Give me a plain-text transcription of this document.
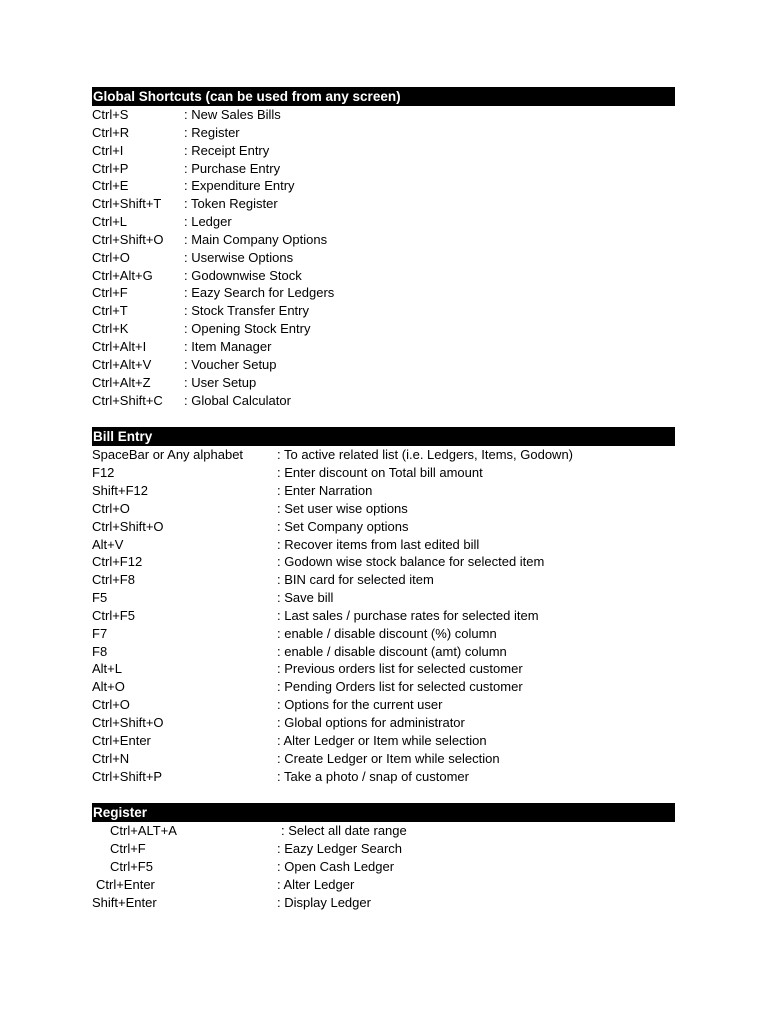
Global Shortcuts (can be used from any screen)
Ctrl+S	: New Sales Bills
Ctrl+R	: Register
Ctrl+I	: Receipt Entry
Ctrl+P	: Purchase Entry
Ctrl+E	: Expenditure Entry
Ctrl+Shift+T	: Token Register
Ctrl+L	: Ledger
Ctrl+Shift+O	: Main Company Options
Ctrl+O	: Userwise Options
Ctrl+Alt+G	: Godownwise Stock
Ctrl+F	: Eazy Search for Ledgers
Ctrl+T	: Stock Transfer Entry
Ctrl+K	: Opening Stock Entry
Ctrl+Alt+I	: Item Manager
Ctrl+Alt+V	: Voucher Setup
Ctrl+Alt+Z	: User Setup
Ctrl+Shift+C	: Global Calculator
Bill Entry
SpaceBar or Any alphabet	: To active related list (i.e. Ledgers, Items, Godown)
F12	: Enter discount on Total bill amount
Shift+F12	: Enter Narration
Ctrl+O	: Set user wise options
Ctrl+Shift+O	: Set Company options
Alt+V	: Recover items from last edited bill
Ctrl+F12	: Godown wise stock balance for selected item
Ctrl+F8	: BIN card for selected item
F5	: Save bill
Ctrl+F5	: Last sales / purchase rates for selected item
F7	: enable / disable discount (%) column
F8	: enable / disable discount (amt) column
Alt+L	: Previous orders list for selected customer
Alt+O	: Pending Orders list for selected customer
Ctrl+O	: Options for the current user
Ctrl+Shift+O	: Global options for administrator
Ctrl+Enter	: Alter Ledger or Item while selection
Ctrl+N	: Create Ledger or Item while selection
Ctrl+Shift+P	: Take a photo / snap of customer
Register
Ctrl+ALT+A	: Select all date range
Ctrl+F	: Eazy Ledger Search
Ctrl+F5	: Open Cash Ledger
Ctrl+Enter	: Alter Ledger
Shift+Enter	: Display Ledger
